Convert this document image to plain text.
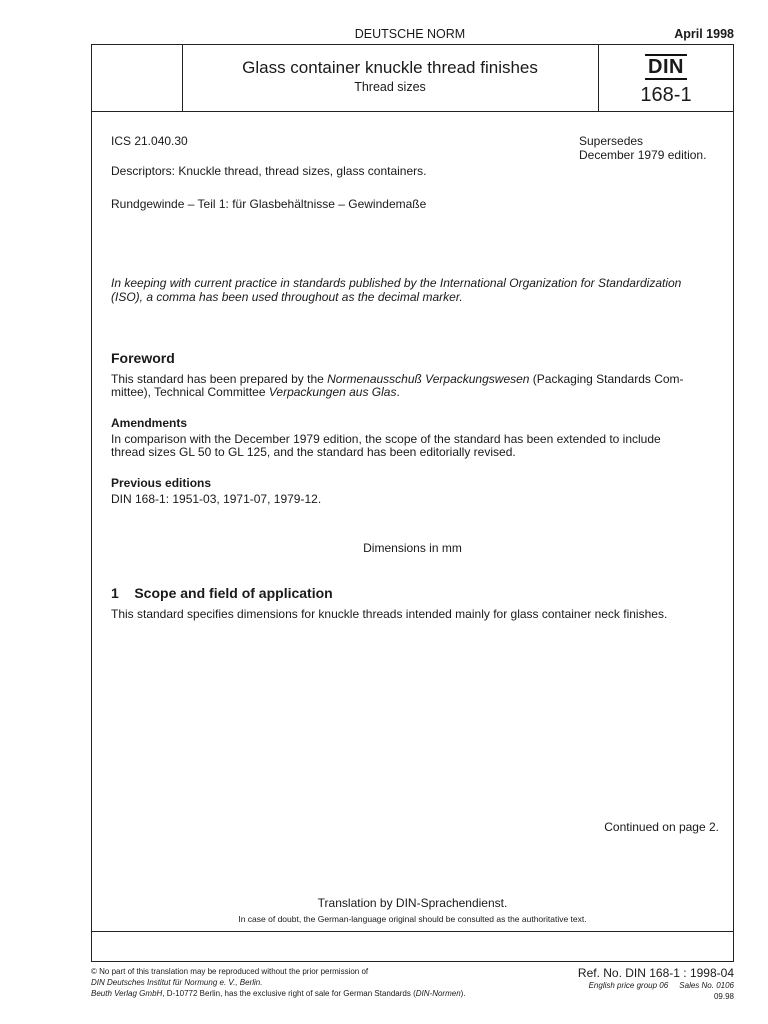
DEUTSCHE NORM	April 1998
Glass container knuckle thread finishes
Thread sizes
DIN
168-1
ICS 21.040.30	Supersedes
December 1979 edition.
Descriptors: Knuckle thread, thread sizes, glass containers.
Rundgewinde – Teil 1: für Glasbehältnisse – Gewindemaße
In keeping with current practice in standards published by the International Organization for Standardization
(ISO), a comma has been used throughout as the decimal marker.
Foreword
This standard has been prepared by the Normenausschuß Verpackungswesen (Packaging Standards Com-
mittee), Technical Committee Verpackungen aus Glas.
Amendments
In comparison with the December 1979 edition, the scope of the standard has been extended to include
thread sizes GL 50 to GL 125, and the standard has been editorially revised.
Previous editions
DIN 168-1: 1951-03, 1971-07, 1979-12.
Dimensions in mm
1    Scope and field of application
This standard specifies dimensions for knuckle threads intended mainly for glass container neck finishes.
Continued on page 2.
Translation by DIN-Sprachendienst.
In case of doubt, the German-language original should be consulted as the authoritative text.
© No part of this translation may be reproduced without the prior permission of
DIN Deutsches Institut für Normung e. V., Berlin.
Beuth Verlag GmbH, D-10772 Berlin, has the exclusive right of sale for German Standards (DIN-Normen).
Ref. No. DIN 168-1 : 1998-04
English price group 06     Sales No. 0106
09.98
